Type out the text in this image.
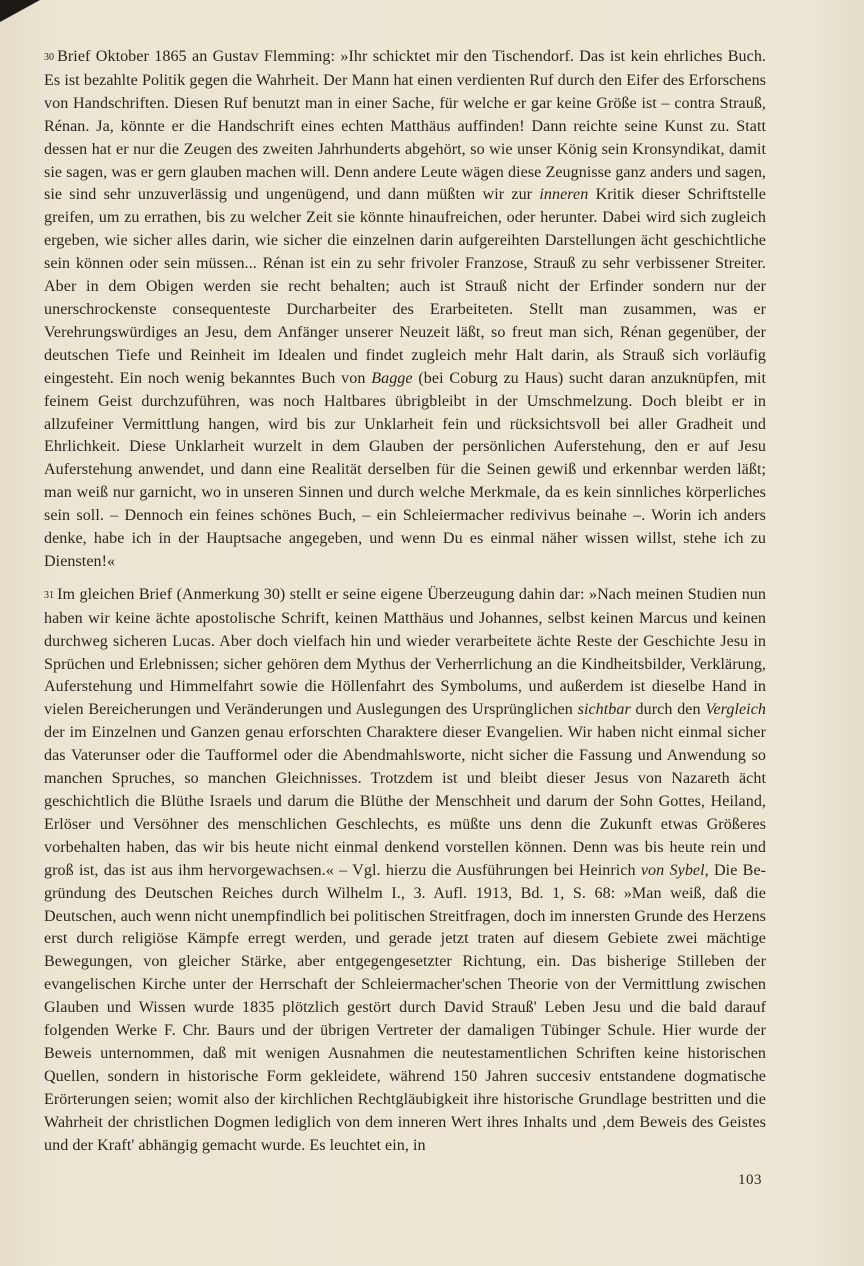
30 Brief Oktober 1865 an Gustav Flemming: »Ihr schicktet mir den Tischendorf. Das ist kein ehrliches Buch. Es ist bezahlte Politik gegen die Wahrheit. Der Mann hat einen verdienten Ruf durch den Eifer des Erforschens von Handschriften. Diesen Ruf benutzt man in einer Sache, für welche er gar keine Größe ist – contra Strauß, Rénan. Ja, könnte er die Handschrift eines echten Matthäus auffinden! Dann reichte seine Kunst zu. Statt dessen hat er nur die Zeugen des zweiten Jahrhunderts abgehört, so wie unser König sein Kronsyndikat, damit sie sagen, was er gern glauben machen will. Denn andere Leute wägen diese Zeugnisse ganz anders und sagen, sie sind sehr unzuverlässig und ungenügend, und dann müßten wir zur inneren Kritik dieser Schriftstelle greifen, um zu errathen, bis zu welcher Zeit sie könnte hinaufreichen, oder herunter. Dabei wird sich zugleich ergeben, wie sicher alles darin, wie sicher die einzelnen darin aufgereihten Darstellungen ächt geschichtliche sein können oder sein müssen... Rénan ist ein zu sehr frivoler Franzose, Strauß zu sehr verbissener Streiter. Aber in dem Obigen werden sie recht behalten; auch ist Strauß nicht der Erfinder sondern nur der unerschrockenste consequenteste Durcharbeiter des Erarbeiteten. Stellt man zusammen, was er Verehrungswürdiges an Jesu, dem Anfänger unserer Neuzeit läßt, so freut man sich, Rénan gegenüber, der deutschen Tiefe und Reinheit im Idealen und findet zugleich mehr Halt darin, als Strauß sich vorläufig eingesteht. Ein noch wenig bekanntes Buch von Bagge (bei Coburg zu Haus) sucht daran anzuknüpfen, mit feinem Geist durchzuführen, was noch Haltbares übrigbleibt in der Umschmelzung. Doch bleibt er in allzufeiner Vermittlung hangen, wird bis zur Unklarheit fein und rücksichtsvoll bei aller Gradheit und Ehrlichkeit. Diese Unklarheit wurzelt in dem Glauben der persönlichen Auferstehung, den er auf Jesu Auferstehung anwendet, und dann eine Realität derselben für die Seinen gewiß und erkennbar werden läßt; man weiß nur garnicht, wo in unseren Sinnen und durch welche Merkmale, da es kein sinnliches körperliches sein soll. – Dennoch ein feines schönes Buch, – ein Schleiermacher redivivus beinahe –. Worin ich anders denke, habe ich in der Hauptsache angegeben, und wenn Du es einmal näher wissen willst, stehe ich zu Diensten!«

31 Im gleichen Brief (Anmerkung 30) stellt er seine eigene Überzeugung dahin dar: »Nach meinen Studien nun haben wir keine ächte apostolische Schrift, keinen Matthäus und Johannes, selbst keinen Marcus und keinen durchweg sicheren Lucas. Aber doch vielfach hin und wieder verarbeitete ächte Reste der Geschichte Jesu in Sprüchen und Erlebnissen; sicher gehören dem Mythus der Verherrlichung an die Kindheitsbilder, Verklärung, Auferstehung und Himmelfahrt sowie die Höllenfahrt des Symbolums, und außerdem ist dieselbe Hand in vielen Bereicherungen und Veränderungen und Auslegungen des Ursprünglichen sichtbar durch den Vergleich der im Einzelnen und Ganzen genau erforschten Charaktere dieser Evangelien. Wir haben nicht einmal sicher das Vaterunser oder die Taufformel oder die Abendmahlsworte, nicht sicher die Fassung und Anwendung so manchen Spruches, so manchen Gleichnisses. Trotzdem ist und bleibt dieser Jesus von Nazareth ächt geschichtlich die Blüthe Israels und darum die Blüthe der Menschheit und darum der Sohn Gottes, Heiland, Erlöser und Versöhner des menschlichen Geschlechts, es müßte uns denn die Zukunft etwas Größeres vorbehalten haben, das wir bis heute nicht einmal denkend vorstellen können. Denn was bis heute rein und groß ist, das ist aus ihm hervorgewachsen.« – Vgl. hierzu die Ausführungen bei Heinrich von Sybel, Die Begründung des Deutschen Reiches durch Wilhelm I., 3. Aufl. 1913, Bd. 1, S. 68: »Man weiß, daß die Deutschen, auch wenn nicht unempfindlich bei politischen Streitfragen, doch im innersten Grunde des Herzens erst durch religiöse Kämpfe erregt werden, und gerade jetzt traten auf diesem Gebiete zwei mächtige Bewegungen, von gleicher Stärke, aber entgegengesetzter Richtung, ein. Das bisherige Stilleben der evangelischen Kirche unter der Herrschaft der Schleiermacher'schen Theorie von der Vermittlung zwischen Glauben und Wissen wurde 1835 plötzlich gestört durch David Strauß' Leben Jesu und die bald darauf folgenden Werke F. Chr. Baurs und der übrigen Vertreter der damaligen Tübinger Schule. Hier wurde der Beweis unternommen, daß mit wenigen Ausnahmen die neutestamentlichen Schriften keine historischen Quellen, sondern in historische Form gekleidete, während 150 Jahren succesiv entstandene dogmatische Erörterungen seien; womit also der kirchlichen Rechtgläubigkeit ihre historische Grundlage bestritten und die Wahrheit der christlichen Dogmen lediglich von dem inneren Wert ihres Inhalts und ‚dem Beweis des Geistes und der Kraft' abhängig gemacht wurde. Es leuchtet ein, in

103
